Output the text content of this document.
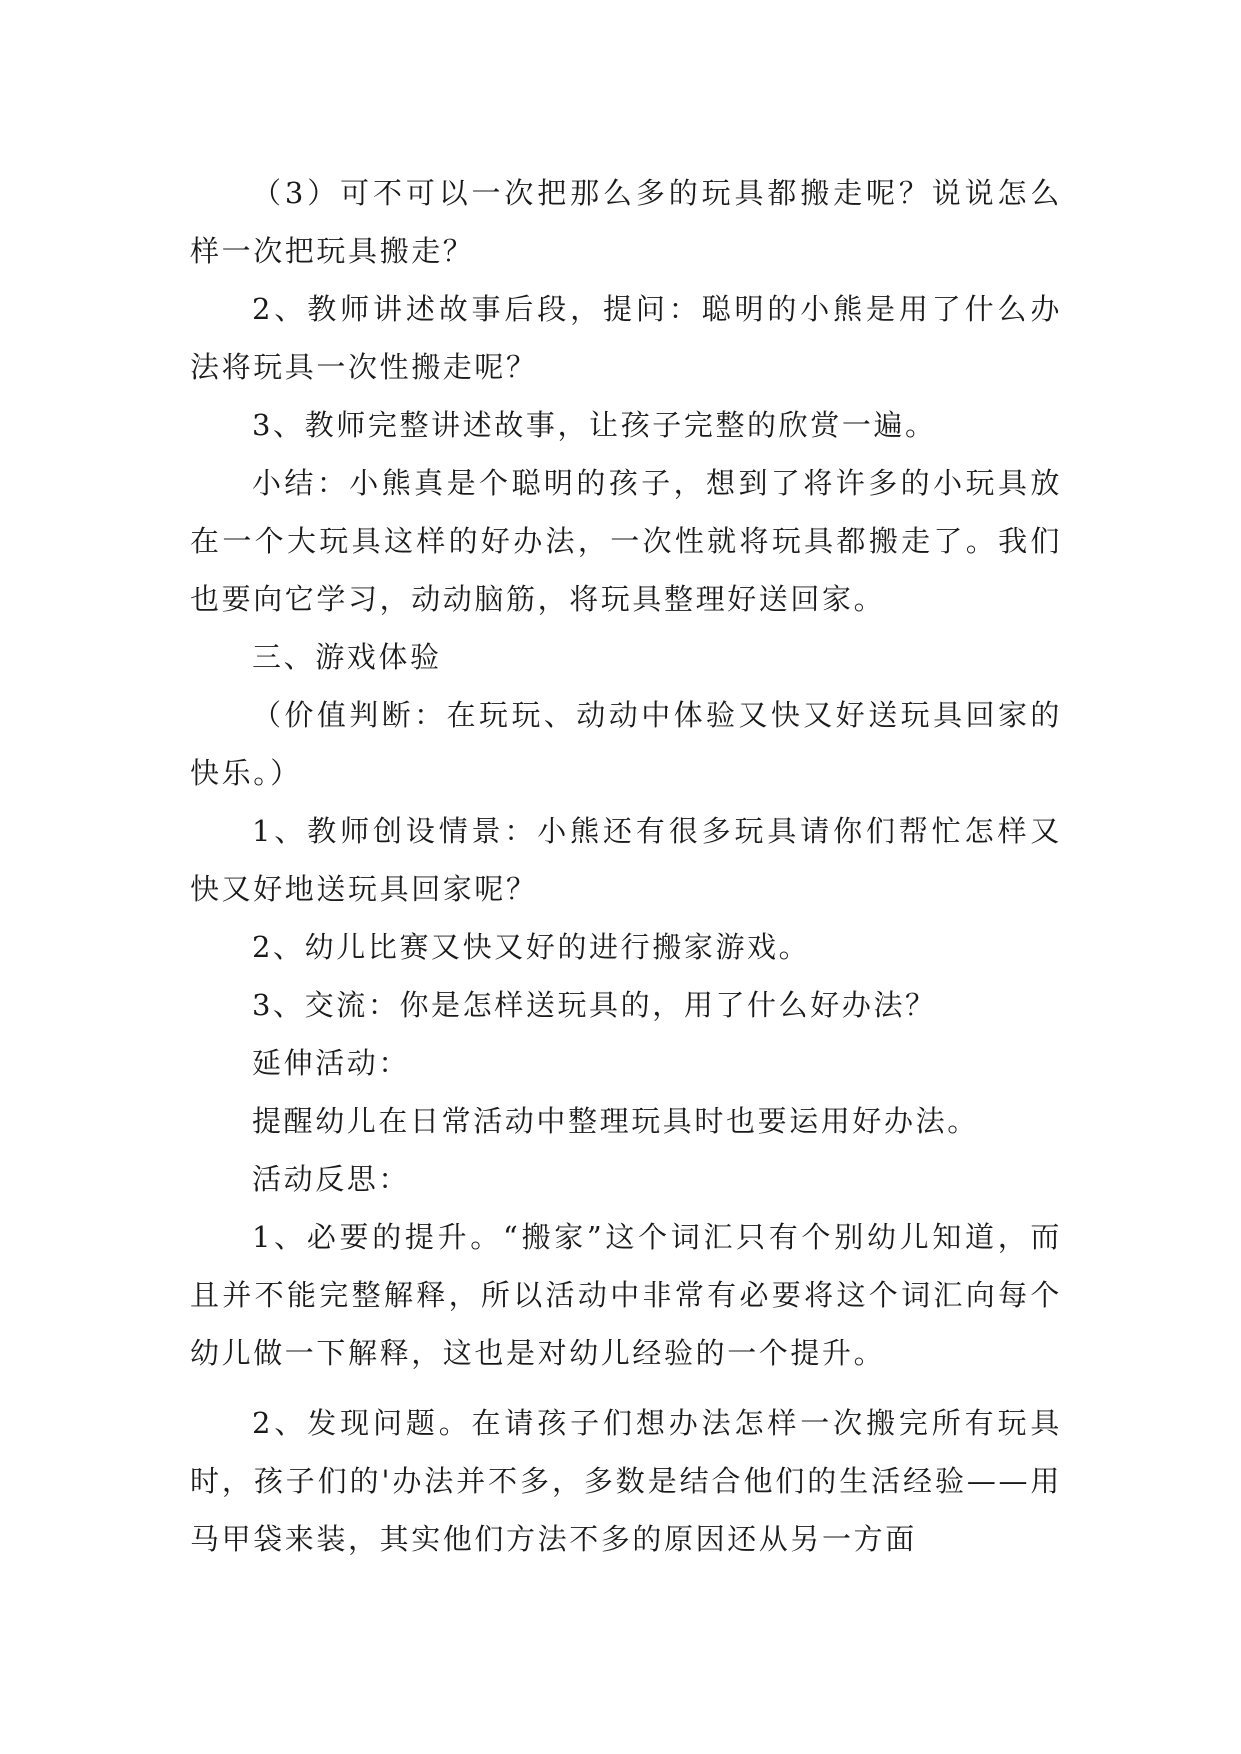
（3）可不可以一次把那么多的玩具都搬走呢？说说怎么样一次把玩具搬走？

2、教师讲述故事后段，提问：聪明的小熊是用了什么办法将玩具一次性搬走呢？

3、教师完整讲述故事，让孩子完整的欣赏一遍。

小结：小熊真是个聪明的孩子，想到了将许多的小玩具放在一个大玩具这样的好办法，一次性就将玩具都搬走了。我们也要向它学习，动动脑筋，将玩具整理好送回家。

三、游戏体验

（价值判断：在玩玩、动动中体验又快又好送玩具回家的快乐。）

1、教师创设情景：小熊还有很多玩具请你们帮忙怎样又快又好地送玩具回家呢？

2、幼儿比赛又快又好的进行搬家游戏。

3、交流：你是怎样送玩具的，用了什么好办法？

延伸活动：

提醒幼儿在日常活动中整理玩具时也要运用好办法。

活动反思：

1、必要的提升。“搬家”这个词汇只有个别幼儿知道，而且并不能完整解释，所以活动中非常有必要将这个词汇向每个幼儿做一下解释，这也是对幼儿经验的一个提升。

2、发现问题。在请孩子们想办法怎样一次搬完所有玩具时，孩子们的'办法并不多，多数是结合他们的生活经验——用马甲袋来装，其实他们方法不多的原因还从另一方面
